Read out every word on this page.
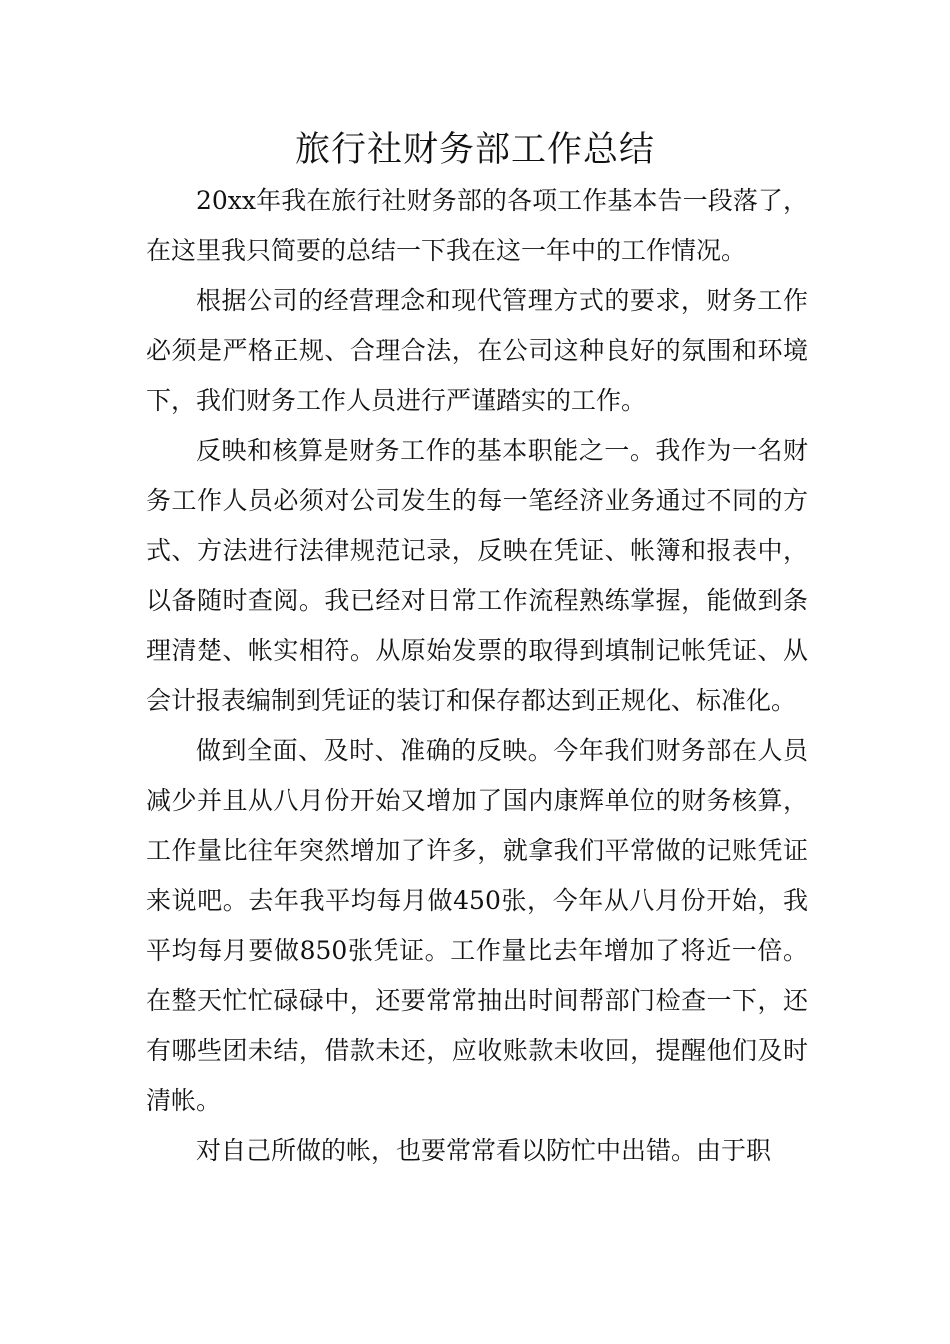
旅行社财务部工作总结

20xx年我在旅行社财务部的各项工作基本告一段落了，在这里我只简要的总结一下我在这一年中的工作情况。

根据公司的经营理念和现代管理方式的要求，财务工作必须是严格正规、合理合法，在公司这种良好的氛围和环境下，我们财务工作人员进行严谨踏实的工作。

反映和核算是财务工作的基本职能之一。我作为一名财务工作人员必须对公司发生的每一笔经济业务通过不同的方式、方法进行法律规范记录，反映在凭证、帐簿和报表中，以备随时查阅。我已经对日常工作流程熟练掌握，能做到条理清楚、帐实相符。从原始发票的取得到填制记帐凭证、从会计报表编制到凭证的装订和保存都达到正规化、标准化。

做到全面、及时、准确的反映。今年我们财务部在人员减少并且从八月份开始又增加了国内康辉单位的财务核算，工作量比往年突然增加了许多，就拿我们平常做的记账凭证来说吧。去年我平均每月做450张，今年从八月份开始，我平均每月要做850张凭证。工作量比去年增加了将近一倍。在整天忙忙碌碌中，还要常常抽出时间帮部门检查一下，还有哪些团未结，借款未还，应收账款未收回，提醒他们及时清帐。

对自己所做的帐，也要常常看以防忙中出错。由于职
